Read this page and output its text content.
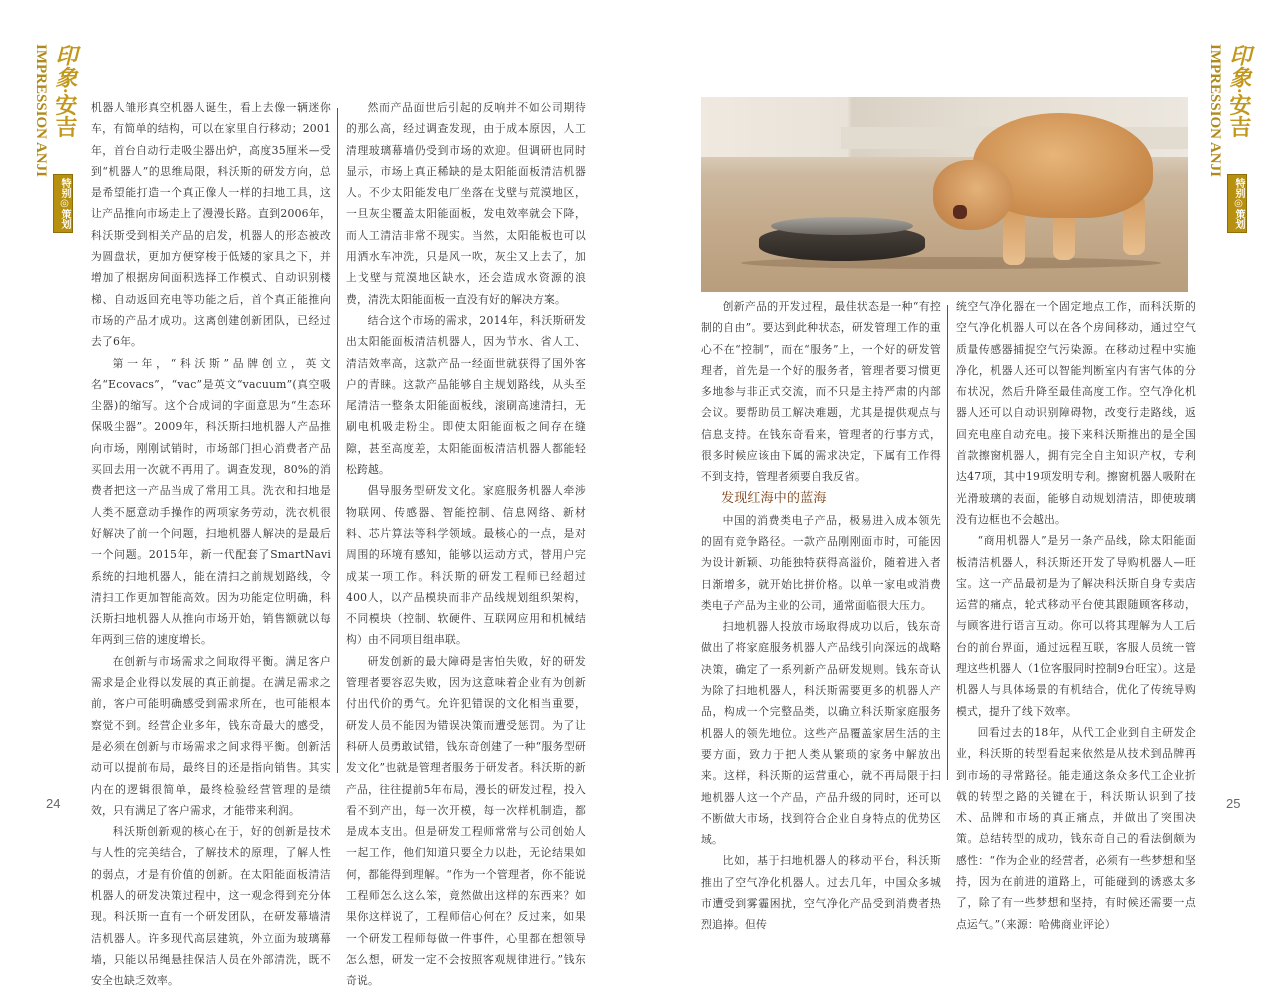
IMPRESSION ANJI 印象·安吉
特别◎策划
IMPRESSION ANJI 印象·安吉
特别◎策划

机器人雏形真空机器人诞生，看上去像一辆迷你车，有简单的结构，可以在家里自行移动；2001年，首台自动行走吸尘器出炉，高度35厘米—受到“机器人”的思维局限，科沃斯的研发方向，总是希望能打造一个真正像人一样的扫地工具，这让产品推向市场走上了漫漫长路。直到2006年，科沃斯受到相关产品的启发，机器人的形态被改为圆盘状，更加方便穿梭于低矮的家具之下，并增加了根据房间面积选择工作模式、自动识别楼梯、自动返回充电等功能之后，首个真正能推向市场的产品才成功。这离创建创新团队，已经过去了6年。

第一年，“科沃斯”品牌创立，英文名“Ecovacs”，“vac”是英文“vacuum”(真空吸尘器)的缩写。这个合成词的字面意思为“生态环保吸尘器”。2009年，科沃斯扫地机器人产品推向市场，刚刚试销时，市场部门担心消费者产品买回去用一次就不再用了。调查发现，80%的消费者把这一产品当成了常用工具。洗衣和扫地是人类不愿意动手操作的两项家务劳动，洗衣机很好解决了前一个问题，扫地机器人解决的是最后一个问题。2015年，新一代配套了SmartNavi系统的扫地机器人，能在清扫之前规划路线，令清扫工作更加智能高效。因为功能定位明确，科沃斯扫地机器人从推向市场开始，销售额就以每年两到三倍的速度增长。

在创新与市场需求之间取得平衡。满足客户需求是企业得以发展的真正前提。在满足需求之前，客户可能明确感受到需求所在，也可能根本察觉不到。经营企业多年，钱东奇最大的感受，是必须在创新与市场需求之间求得平衡。创新活动可以提前布局，最终目的还是指向销售。其实内在的逻辑很简单，最终检验经营管理的是绩效，只有满足了客户需求，才能带来利润。

科沃斯创新观的核心在于，好的创新是技术与人性的完美结合，了解技术的原理，了解人性的弱点，才是有价值的创新。在太阳能面板清洁机器人的研发决策过程中，这一观念得到充分体现。科沃斯一直有一个研发团队，在研发幕墙清洁机器人。许多现代高层建筑，外立面为玻璃幕墙，只能以吊绳悬挂保洁人员在外部清洗，既不安全也缺乏效率。

然而产品面世后引起的反响并不如公司期待的那么高，经过调查发现，由于成本原因，人工清理玻璃幕墙仍受到市场的欢迎。但调研也同时显示，市场上真正稀缺的是太阳能面板清洁机器人。不少太阳能发电厂坐落在戈壁与荒漠地区，一旦灰尘覆盖太阳能面板，发电效率就会下降，而人工清洁非常不现实。当然，太阳能板也可以用洒水车冲洗，只是风一吹，灰尘又上去了，加上戈壁与荒漠地区缺水，还会造成水资源的浪费，清洗太阳能面板一直没有好的解决方案。

结合这个市场的需求，2014年，科沃斯研发出太阳能面板清洁机器人，因为节水、省人工、清洁效率高，这款产品一经面世就获得了国外客户的青睐。这款产品能够自主规划路线，从头至尾清洁一整条太阳能面板线，滚刷高速清扫，无刷电机吸走粉尘。即使太阳能面板之间存在缝隙，甚至高度差，太阳能面板清洁机器人都能轻松跨越。

倡导服务型研发文化。家庭服务机器人牵涉物联网、传感器、智能控制、信息网络、新材料、芯片算法等科学领域。最核心的一点，是对周围的环境有感知，能够以运动方式，替用户完成某一项工作。科沃斯的研发工程师已经超过400人，以产品模块而非产品线规划组织架构，不同模块（控制、软硬件、互联网应用和机械结构）由不同项目组串联。

研发创新的最大障碍是害怕失败，好的研发管理者要容忍失败，因为这意味着企业有为创新付出代价的勇气。允许犯错误的文化相当重要，研发人员不能因为错误决策而遭受惩罚。为了让科研人员勇敢试错，钱东奇创建了一种“服务型研发文化”也就是管理者服务于研发者。科沃斯的新产品，往往提前5年布局，漫长的研发过程，投入看不到产出，每一次开模，每一次样机制造，都是成本支出。但是研发工程师常常与公司创始人一起工作，他们知道只要全力以赴，无论结果如何，都能得到理解。“作为一个管理者，你不能说工程师怎么这么笨，竟然做出这样的东西来？如果你这样说了，工程师信心何在？反过来，如果一个研发工程师每做一件事件，心里都在想领导怎么想，研发一定不会按照客观规律进行。”钱东奇说。

创新产品的开发过程，最佳状态是一种“有控制的自由”。要达到此种状态，研发管理工作的重心不在“控制”，而在“服务”上，一个好的研发管理者，首先是一个好的服务者，管理者要习惯更多地参与非正式交流，而不只是主持严肃的内部会议。要帮助员工解决难题，尤其是提供观点与信息支持。在钱东奇看来，管理者的行事方式，很多时候应该由下属的需求决定，下属有工作得不到支持，管理者须要自我反省。

发现红海中的蓝海

中国的消费类电子产品，极易进入成本领先的固有竞争路径。一款产品刚刚面市时，可能因为设计新颖、功能独特获得高溢价，随着进入者日渐增多，就开始比拼价格。以单一家电或消费类电子产品为主业的公司，通常面临很大压力。

扫地机器人投放市场取得成功以后，钱东奇做出了将家庭服务机器人产品线引向深远的战略决策，确定了一系列新产品研发规则。钱东奇认为除了扫地机器人，科沃斯需要更多的机器人产品，构成一个完整品类，以确立科沃斯家庭服务机器人的领先地位。这些产品覆盖家居生活的主要方面，致力于把人类从繁琐的家务中解放出来。这样，科沃斯的运营重心，就不再局限于扫地机器人这一个产品，产品升级的同时，还可以不断做大市场，找到符合企业自身特点的优势区域。

比如，基于扫地机器人的移动平台，科沃斯推出了空气净化机器人。过去几年，中国众多城市遭受到雾霾困扰，空气净化产品受到消费者热烈追捧。但传

统空气净化器在一个固定地点工作，而科沃斯的空气净化机器人可以在各个房间移动，通过空气质量传感器捕捉空气污染源。在移动过程中实施净化，机器人还可以智能判断室内有害气体的分布状况，然后升降至最佳高度工作。空气净化机器人还可以自动识别障碍物，改变行走路线，返回充电座自动充电。接下来科沃斯推出的是全国首款擦窗机器人，拥有完全自主知识产权，专利达47项，其中19项发明专利。擦窗机器人吸附在光滑玻璃的表面，能够自动规划清洁，即使玻璃没有边框也不会越出。

“商用机器人”是另一条产品线，除太阳能面板清洁机器人，科沃斯还开发了导购机器人—旺宝。这一产品最初是为了解决科沃斯自身专卖店运营的痛点，轮式移动平台使其跟随顾客移动，与顾客进行语言互动。你可以将其理解为人工后台的前台界面，通过远程互联，客服人员统一管理这些机器人（1位客服同时控制9台旺宝）。这是机器人与具体场景的有机结合，优化了传统导购模式，提升了线下效率。

回看过去的18年，从代工企业到自主研发企业，科沃斯的转型看起来依然是从技术到品牌再到市场的寻常路径。能走通这条众多代工企业折戟的转型之路的关键在于，科沃斯认识到了技术、品牌和市场的真正痛点，并做出了突围决策。总结转型的成功，钱东奇自己的看法倒颇为感性：“作为企业的经营者，必须有一些梦想和坚持，因为在前进的道路上，可能碰到的诱惑太多了，除了有一些梦想和坚持，有时候还需要一点点运气。”（来源：哈佛商业评论）

24	25
